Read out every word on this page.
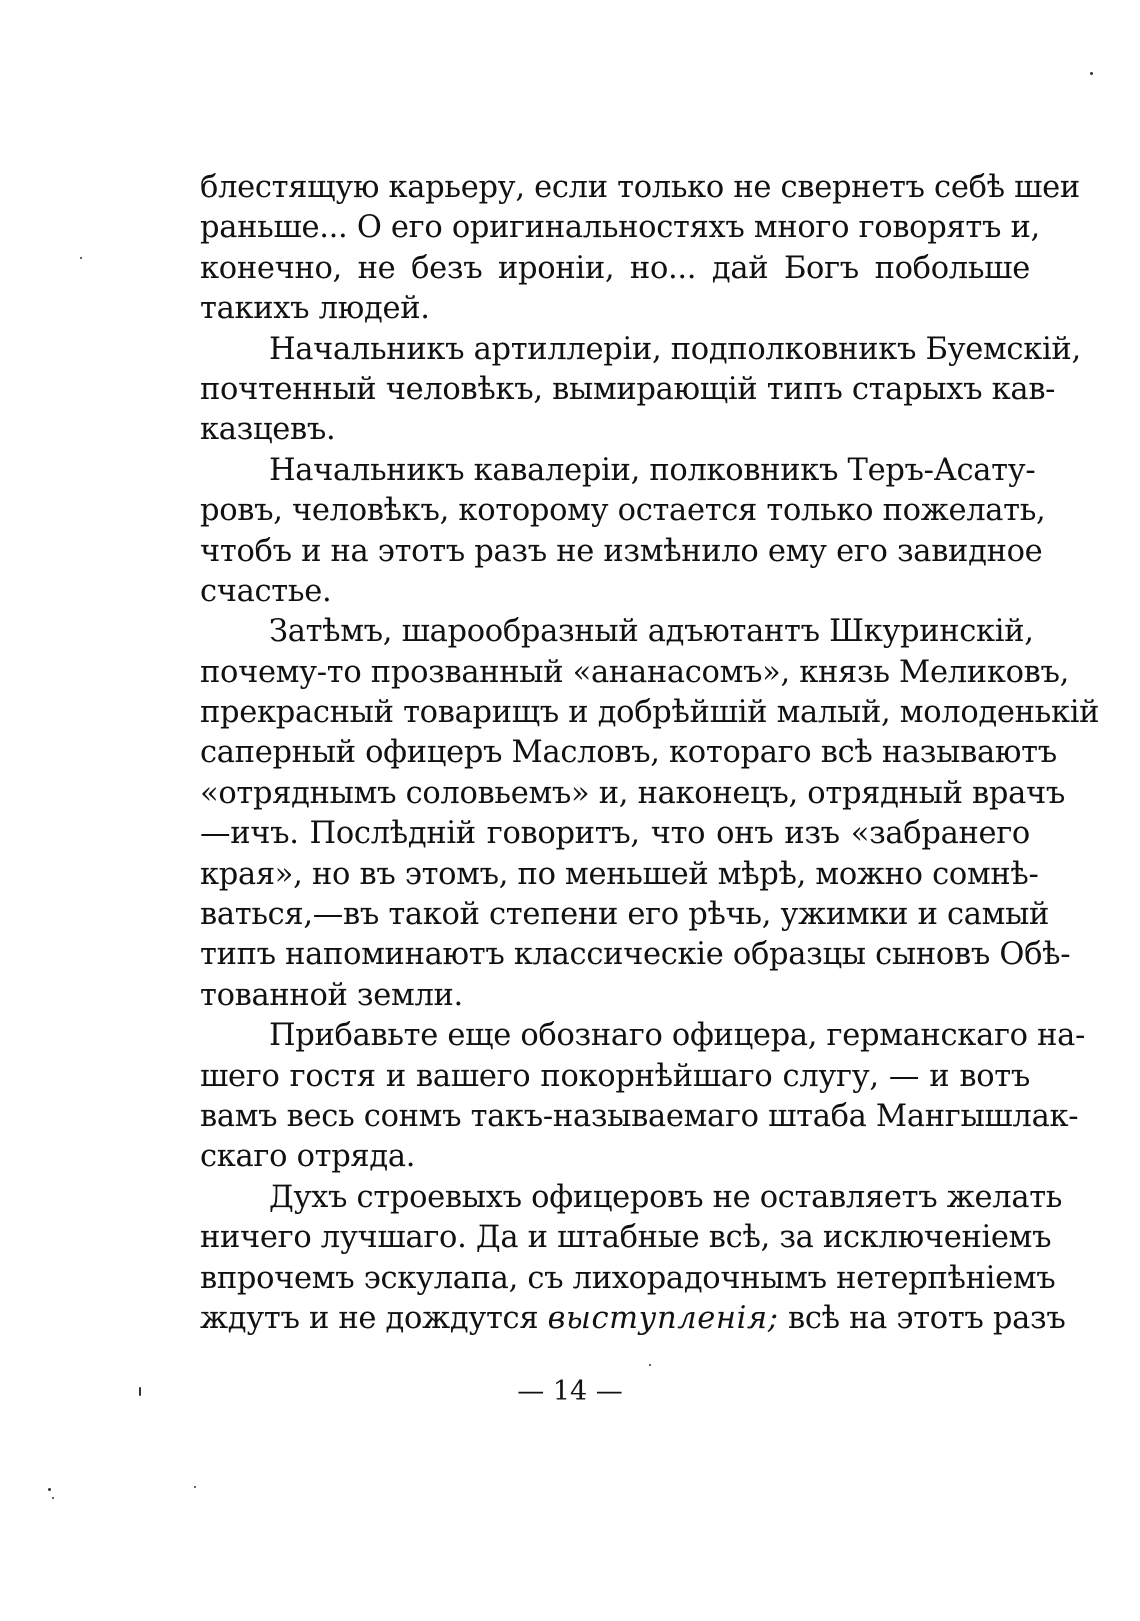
блестящую карьеру, если только не свернетъ себѣ шеи
раньше... О его оригинальностяхъ много говорятъ и,
конечно, не безъ ироніи, но... дай Богъ побольше
такихъ людей.
Начальникъ артиллеріи, подполковникъ Буемскій,
почтенный человѣкъ, вымирающій типъ старыхъ кав-
казцевъ.
Начальникъ кавалеріи, полковникъ Теръ-Асату-
ровъ, человѣкъ, которому остается только пожелать,
чтобъ и на этотъ разъ не измѣнило ему его завидное
счастье.
Затѣмъ, шарообразный адъютантъ Шкуринскій,
почему-то прозванный «ананасомъ», князь Меликовъ,
прекрасный товарищъ и добрѣйшій малый, молоденькій
саперный офицеръ Масловъ, котораго всѣ называютъ
«отряднымъ соловьемъ» и, наконецъ, отрядный врачъ
—ичъ. Послѣдній говоритъ, что онъ изъ «забранего
края», но въ этомъ, по меньшей мѣрѣ, можно сомнѣ-
ваться,—въ такой степени его рѣчь, ужимки и самый
типъ напоминаютъ классическіе образцы сыновъ Обѣ-
тованной земли.
Прибавьте еще обознаго офицера, германскаго на-
шего гостя и вашего покорнѣйшаго слугу, — и вотъ
вамъ весь сонмъ такъ-называемаго штаба Мангышлак-
скаго отряда.
Духъ строевыхъ офицеровъ не оставляетъ желать
ничего лучшаго. Да и штабные всѣ, за исключеніемъ
впрочемъ эскулапа, съ лихорадочнымъ нетерпѣніемъ
ждутъ и не дождутся выступленія; всѣ на этотъ разъ
— 14 —
